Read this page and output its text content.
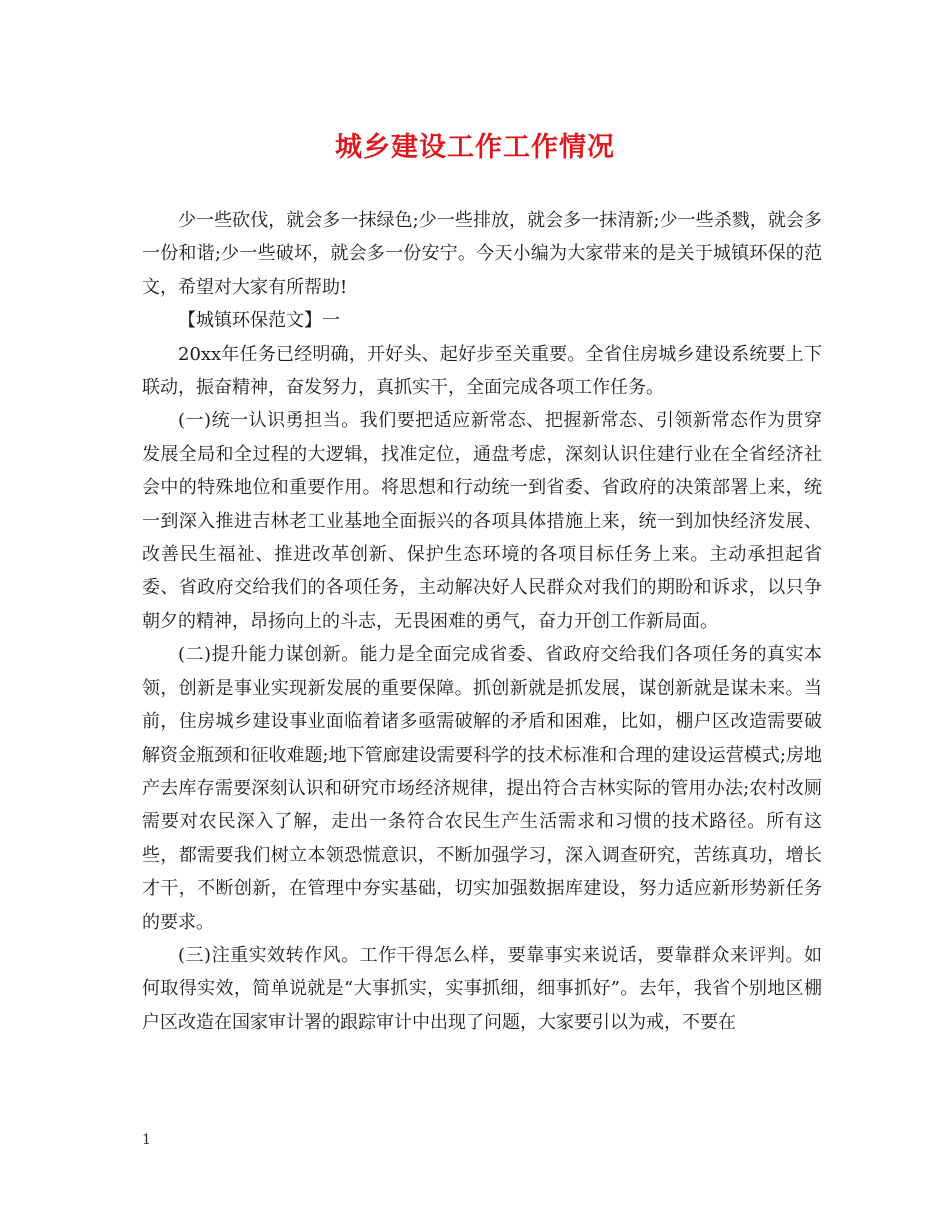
城乡建设工作工作情况

少一些砍伐，就会多一抹绿色;少一些排放，就会多一抹清新;少一些杀戮，就会多一份和谐;少一些破坏，就会多一份安宁。今天小编为大家带来的是关于城镇环保的范文，希望对大家有所帮助!

【城镇环保范文】一

20xx年任务已经明确，开好头、起好步至关重要。全省住房城乡建设系统要上下联动，振奋精神，奋发努力，真抓实干，全面完成各项工作任务。

(一)统一认识勇担当。我们要把适应新常态、把握新常态、引领新常态作为贯穿发展全局和全过程的大逻辑，找准定位，通盘考虑，深刻认识住建行业在全省经济社会中的特殊地位和重要作用。将思想和行动统一到省委、省政府的决策部署上来，统一到深入推进吉林老工业基地全面振兴的各项具体措施上来，统一到加快经济发展、改善民生福祉、推进改革创新、保护生态环境的各项目标任务上来。主动承担起省委、省政府交给我们的各项任务，主动解决好人民群众对我们的期盼和诉求，以只争朝夕的精神，昂扬向上的斗志，无畏困难的勇气，奋力开创工作新局面。

(二)提升能力谋创新。能力是全面完成省委、省政府交给我们各项任务的真实本领，创新是事业实现新发展的重要保障。抓创新就是抓发展，谋创新就是谋未来。当前，住房城乡建设事业面临着诸多亟需破解的矛盾和困难，比如，棚户区改造需要破解资金瓶颈和征收难题;地下管廊建设需要科学的技术标准和合理的建设运营模式;房地产去库存需要深刻认识和研究市场经济规律，提出符合吉林实际的管用办法;农村改厕需要对农民深入了解，走出一条符合农民生产生活需求和习惯的技术路径。所有这些，都需要我们树立本领恐慌意识，不断加强学习，深入调查研究，苦练真功，增长才干，不断创新，在管理中夯实基础，切实加强数据库建设，努力适应新形势新任务的要求。

(三)注重实效转作风。工作干得怎么样，要靠事实来说话，要靠群众来评判。如何取得实效，简单说就是“大事抓实，实事抓细，细事抓好”。去年，我省个别地区棚户区改造在国家审计署的跟踪审计中出现了问题，大家要引以为戒，不要在

1
